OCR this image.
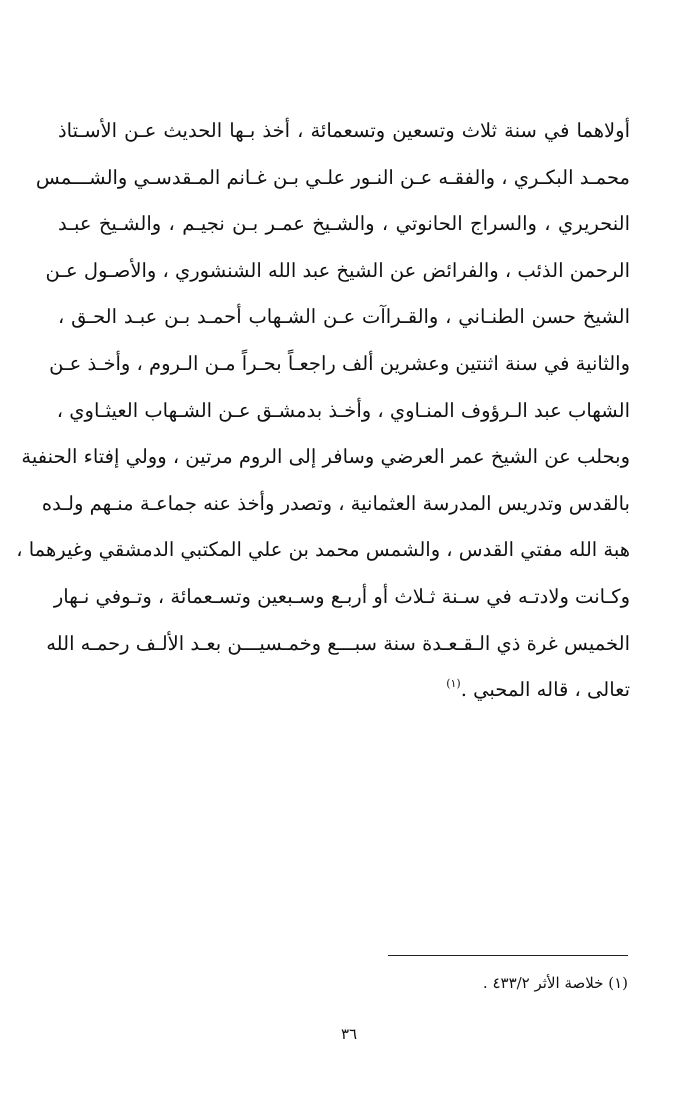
أولاهما في سنة ثلاث وتسعين وتسعمائة ، أخذ بـها الحديث عـن الأسـتاذ
محمـد البكـري ، والفقـه عـن النـور علـي بـن غـانم المـقدسـي والشـــمس
النحريري ، والسراج الحانوتي ، والشـيخ عمـر بـن نجيـم ، والشـيخ عبـد
الرحمن الذئب ، والفرائض عن الشيخ عبد الله الشنشوري ، والأصـول عـن
الشيخ حسن الطنـاني ، والقـراآت عـن الشـهاب أحمـد بـن عبـد الحـق ،
والثانية في سنة اثنتين وعشرين ألف راجعـاً بحـراً مـن الـروم ، وأخـذ عـن
الشهاب عبد الـرؤوف المنـاوي ، وأخـذ بدمشـق عـن الشـهاب العيثـاوي ،
وبحلب عن الشيخ عمر العرضي وسافر إلى الروم مرتين ، وولي إفتاء الحنفية
بالقدس وتدريس المدرسة العثمانية ، وتصدر وأخذ عنه جماعـة منـهم ولـده
هبة الله مفتي القدس ، والشمس محمد بن علي المكتبي الدمشقي وغيرهما ،
وكـانت ولادتـه في سـنة ثـلاث أو أربـع وسـبعين وتسـعمائة ، وتـوفي نـهار
الخميس غرة ذي الـقـعـدة سنة سبـــع وخمـسيـــن بعـد الألـف رحمـه الله
تعالى ، قاله المحبي .$^{(١)}$
(١) خلاصة الأثر ٤٣٣/٢ .
٣٦
